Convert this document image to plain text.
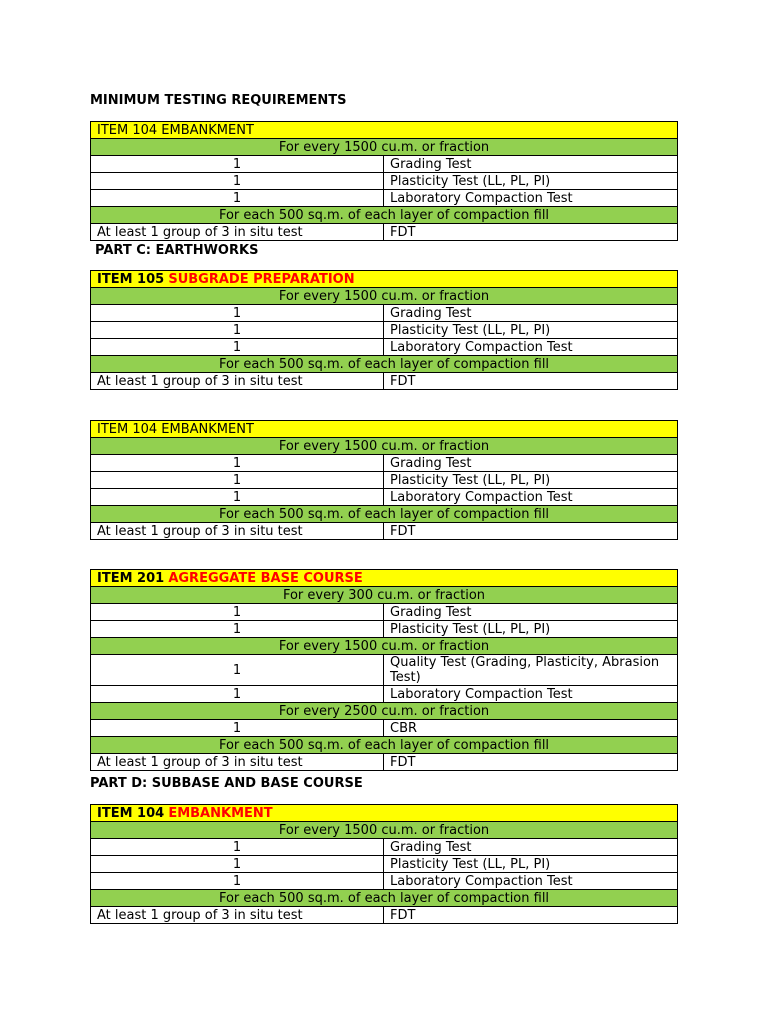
MINIMUM TESTING REQUIREMENTS
ITEM 104 EMBANKMENT	
For every 1500 cu.m. or fraction	
1	Grading Test
1	Plasticity Test (LL, PL, PI)
1	Laboratory Compaction Test
For each 500 sq.m. of each layer of compaction fill	
At least 1 group of 3 in situ test	FDT
PART C: EARTHWORKS
ITEM 105 SUBGRADE PREPARATION	
For every 1500 cu.m. or fraction	
1	Grading Test
1	Plasticity Test (LL, PL, PI)
1	Laboratory Compaction Test
For each 500 sq.m. of each layer of compaction fill	
At least 1 group of 3 in situ test	FDT
ITEM 104 EMBANKMENT	
For every 1500 cu.m. or fraction	
1	Grading Test
1	Plasticity Test (LL, PL, PI)
1	Laboratory Compaction Test
For each 500 sq.m. of each layer of compaction fill	
At least 1 group of 3 in situ test	FDT
ITEM 201 AGREGGATE BASE COURSE	
For every 300 cu.m. or fraction	
1	Grading Test
1	Plasticity Test (LL, PL, PI)
For every 1500 cu.m. or fraction	
1	Quality Test (Grading, Plasticity, Abrasion Test)
1	Laboratory Compaction Test
For every 2500 cu.m. or fraction	
1	CBR
For each 500 sq.m. of each layer of compaction fill	
At least 1 group of 3 in situ test	FDT
PART D: SUBBASE AND BASE COURSE
ITEM 104 EMBANKMENT	
For every 1500 cu.m. or fraction	
1	Grading Test
1	Plasticity Test (LL, PL, PI)
1	Laboratory Compaction Test
For each 500 sq.m. of each layer of compaction fill	
At least 1 group of 3 in situ test	FDT
